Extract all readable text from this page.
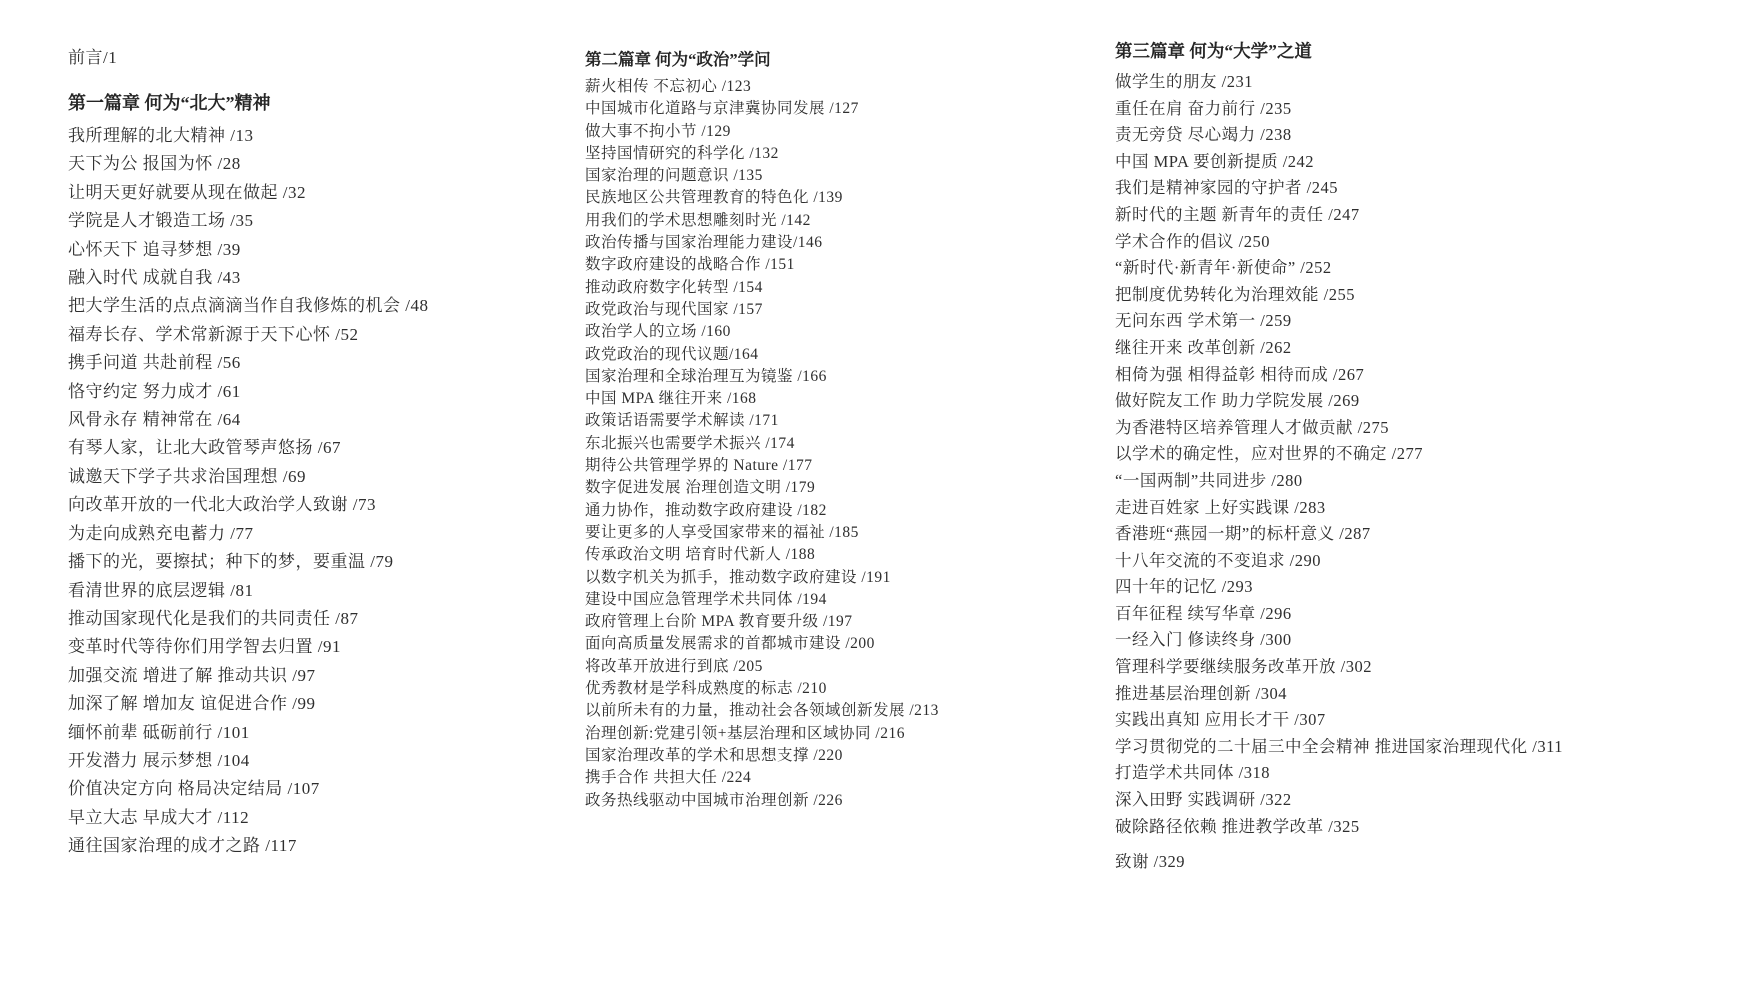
前言/1
第一篇章 何为“北大”精神
我所理解的北大精神 /13
天下为公 报国为怀 /28
让明天更好就要从现在做起 /32
学院是人才锻造工场 /35
心怀天下 追寻梦想 /39
融入时代 成就自我 /43
把大学生活的点点滴滴当作自我修炼的机会 /48
福寿长存、学术常新源于天下心怀 /52
携手问道 共赴前程 /56
恪守约定 努力成才 /61
风骨永存 精神常在 /64
有琴人家，让北大政管琴声悠扬 /67
诚邀天下学子共求治国理想 /69
向改革开放的一代北大政治学人致谢 /73
为走向成熟充电蓄力 /77
播下的光，要擦拭；种下的梦，要重温 /79
看清世界的底层逻辑 /81
推动国家现代化是我们的共同责任 /87
变革时代等待你们用学智去归置 /91
加强交流 增进了解 推动共识 /97
加深了解 增加友 谊促进合作 /99
缅怀前辈 砥砺前行 /101
开发潜力 展示梦想 /104
价值决定方向 格局决定结局 /107
早立大志 早成大才 /112
通往国家治理的成才之路 /117
第二篇章 何为“政治”学问
薪火相传 不忘初心 /123
中国城市化道路与京津冀协同发展 /127
做大事不拘小节 /129
坚持国情研究的科学化 /132
国家治理的问题意识 /135
民族地区公共管理教育的特色化 /139
用我们的学术思想雕刻时光 /142
政治传播与国家治理能力建设/146
数字政府建设的战略合作 /151
推动政府数字化转型 /154
政党政治与现代国家 /157
政治学人的立场 /160
政党政治的现代议题/164
国家治理和全球治理互为镜鉴 /166
中国 MPA 继往开来 /168
政策话语需要学术解读 /171
东北振兴也需要学术振兴 /174
期待公共管理学界的 Nature /177
数字促进发展 治理创造文明 /179
通力协作，推动数字政府建设 /182
要让更多的人享受国家带来的福祉 /185
传承政治文明 培育时代新人 /188
以数字机关为抓手，推动数字政府建设 /191
建设中国应急管理学术共同体 /194
政府管理上台阶 MPA 教育要升级 /197
面向高质量发展需求的首都城市建设 /200
将改革开放进行到底 /205
优秀教材是学科成熟度的标志 /210
以前所未有的力量，推动社会各领域创新发展 /213
治理创新:党建引领+基层治理和区域协同 /216
国家治理改革的学术和思想支撑 /220
携手合作 共担大任 /224
政务热线驱动中国城市治理创新 /226
第三篇章 何为“大学”之道
做学生的朋友 /231
重任在肩 奋力前行 /235
责无旁贷 尽心竭力 /238
中国 MPA 要创新提质 /242
我们是精神家园的守护者 /245
新时代的主题 新青年的责任 /247
学术合作的倡议 /250
“新时代·新青年·新使命” /252
把制度优势转化为治理效能 /255
无问东西 学术第一 /259
继往开来 改革创新 /262
相倚为强 相得益彰 相待而成 /267
做好院友工作 助力学院发展 /269
为香港特区培养管理人才做贡献 /275
以学术的确定性，应对世界的不确定 /277
“一国两制”共同进步 /280
走进百姓家 上好实践课 /283
香港班“燕园一期”的标杆意义 /287
十八年交流的不变追求 /290
四十年的记忆 /293
百年征程 续写华章 /296
一经入门 修读终身 /300
管理科学要继续服务改革开放 /302
推进基层治理创新 /304
实践出真知 应用长才干 /307
学习贯彻党的二十届三中全会精神 推进国家治理现代化 /311
打造学术共同体 /318
深入田野 实践调研 /322
破除路径依赖 推进教学改革 /325
致谢 /329
